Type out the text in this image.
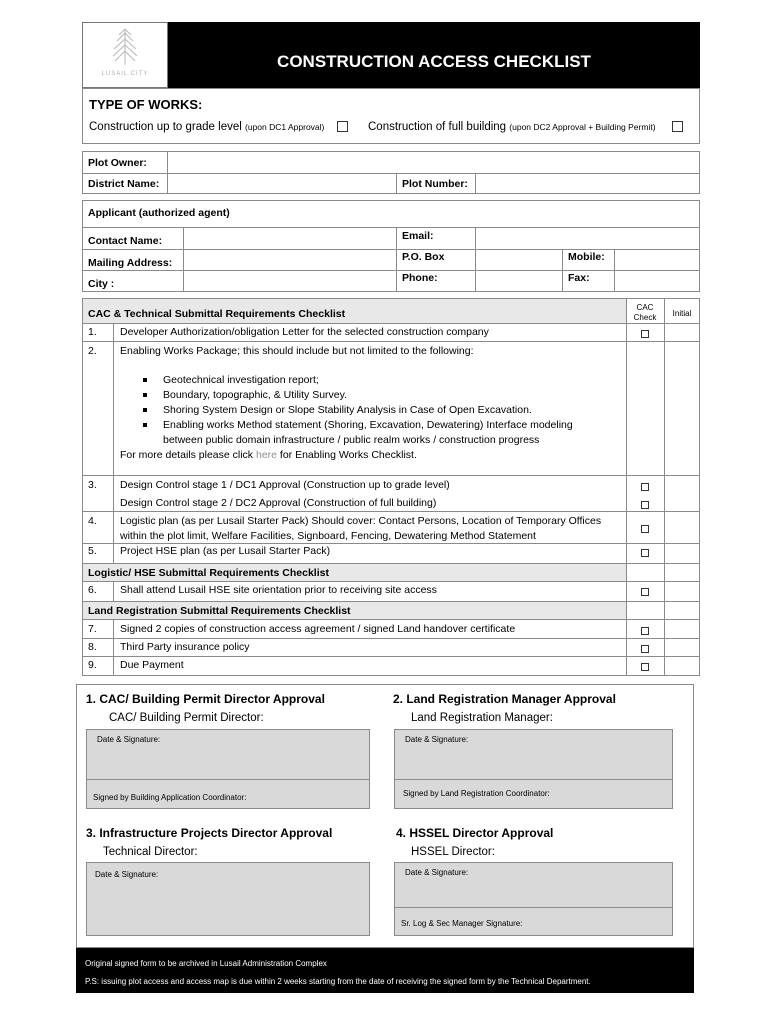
LUSAIL CITY
CONSTRUCTION ACCESS CHECKLIST
TYPE OF WORKS:
Construction up to grade level (upon DC1 Approval)	Construction of full building (upon DC2 Approval + Building Permit)
Plot Owner:
District Name:	Plot Number:
Applicant (authorized agent)
Contact Name:	Email:
Mailing Address:	P.O. Box	Mobile:
City :	Phone:	Fax:
CAC & Technical Submittal Requirements Checklist
CAC
Check	Initial
1. Developer Authorization/obligation Letter for the selected construction company
2. Enabling Works Package; this should include but not limited to the following:
Geotechnical investigation report;
Boundary, topographic, & Utility Survey.
Shoring System Design or Slope Stability Analysis in Case of Open Excavation.
Enabling works Method statement (Shoring, Excavation, Dewatering) Interface modeling
between public domain infrastructure / public realm works / construction progress
For more details please click here for Enabling Works Checklist.
3. Design Control stage 1 / DC1 Approval (Construction up to grade level)
Design Control stage 2 / DC2 Approval (Construction of full building)
4. Logistic plan (as per Lusail Starter Pack) Should cover: Contact Persons, Location of Temporary Offices
within the plot limit, Welfare Facilities, Signboard, Fencing, Dewatering Method Statement
5. Project HSE plan (as per Lusail Starter Pack)
Logistic/ HSE Submittal Requirements Checklist
6. Shall attend Lusail HSE site orientation prior to receiving site access
Land Registration Submittal Requirements Checklist
7. Signed 2 copies of construction access agreement / signed Land handover certificate
8. Third Party insurance policy
9. Due Payment
1. CAC/ Building Permit Director Approval
CAC/ Building Permit Director:
Date & Signature:
Signed by Building Application Coordinator:
2. Land Registration Manager Approval
Land Registration Manager:
Date & Signature:
Signed by Land Registration Coordinator:
3. Infrastructure Projects Director Approval
Technical Director:
Date & Signature:
4. HSSEL Director Approval
HSSEL Director:
Date & Signature:
Sr. Log & Sec Manager Signature:
Original signed form to be archived in Lusail Administration Complex
P.S: issuing plot access and access map is due within 2 weeks starting from the date of receiving the signed form by the Technical Department.
